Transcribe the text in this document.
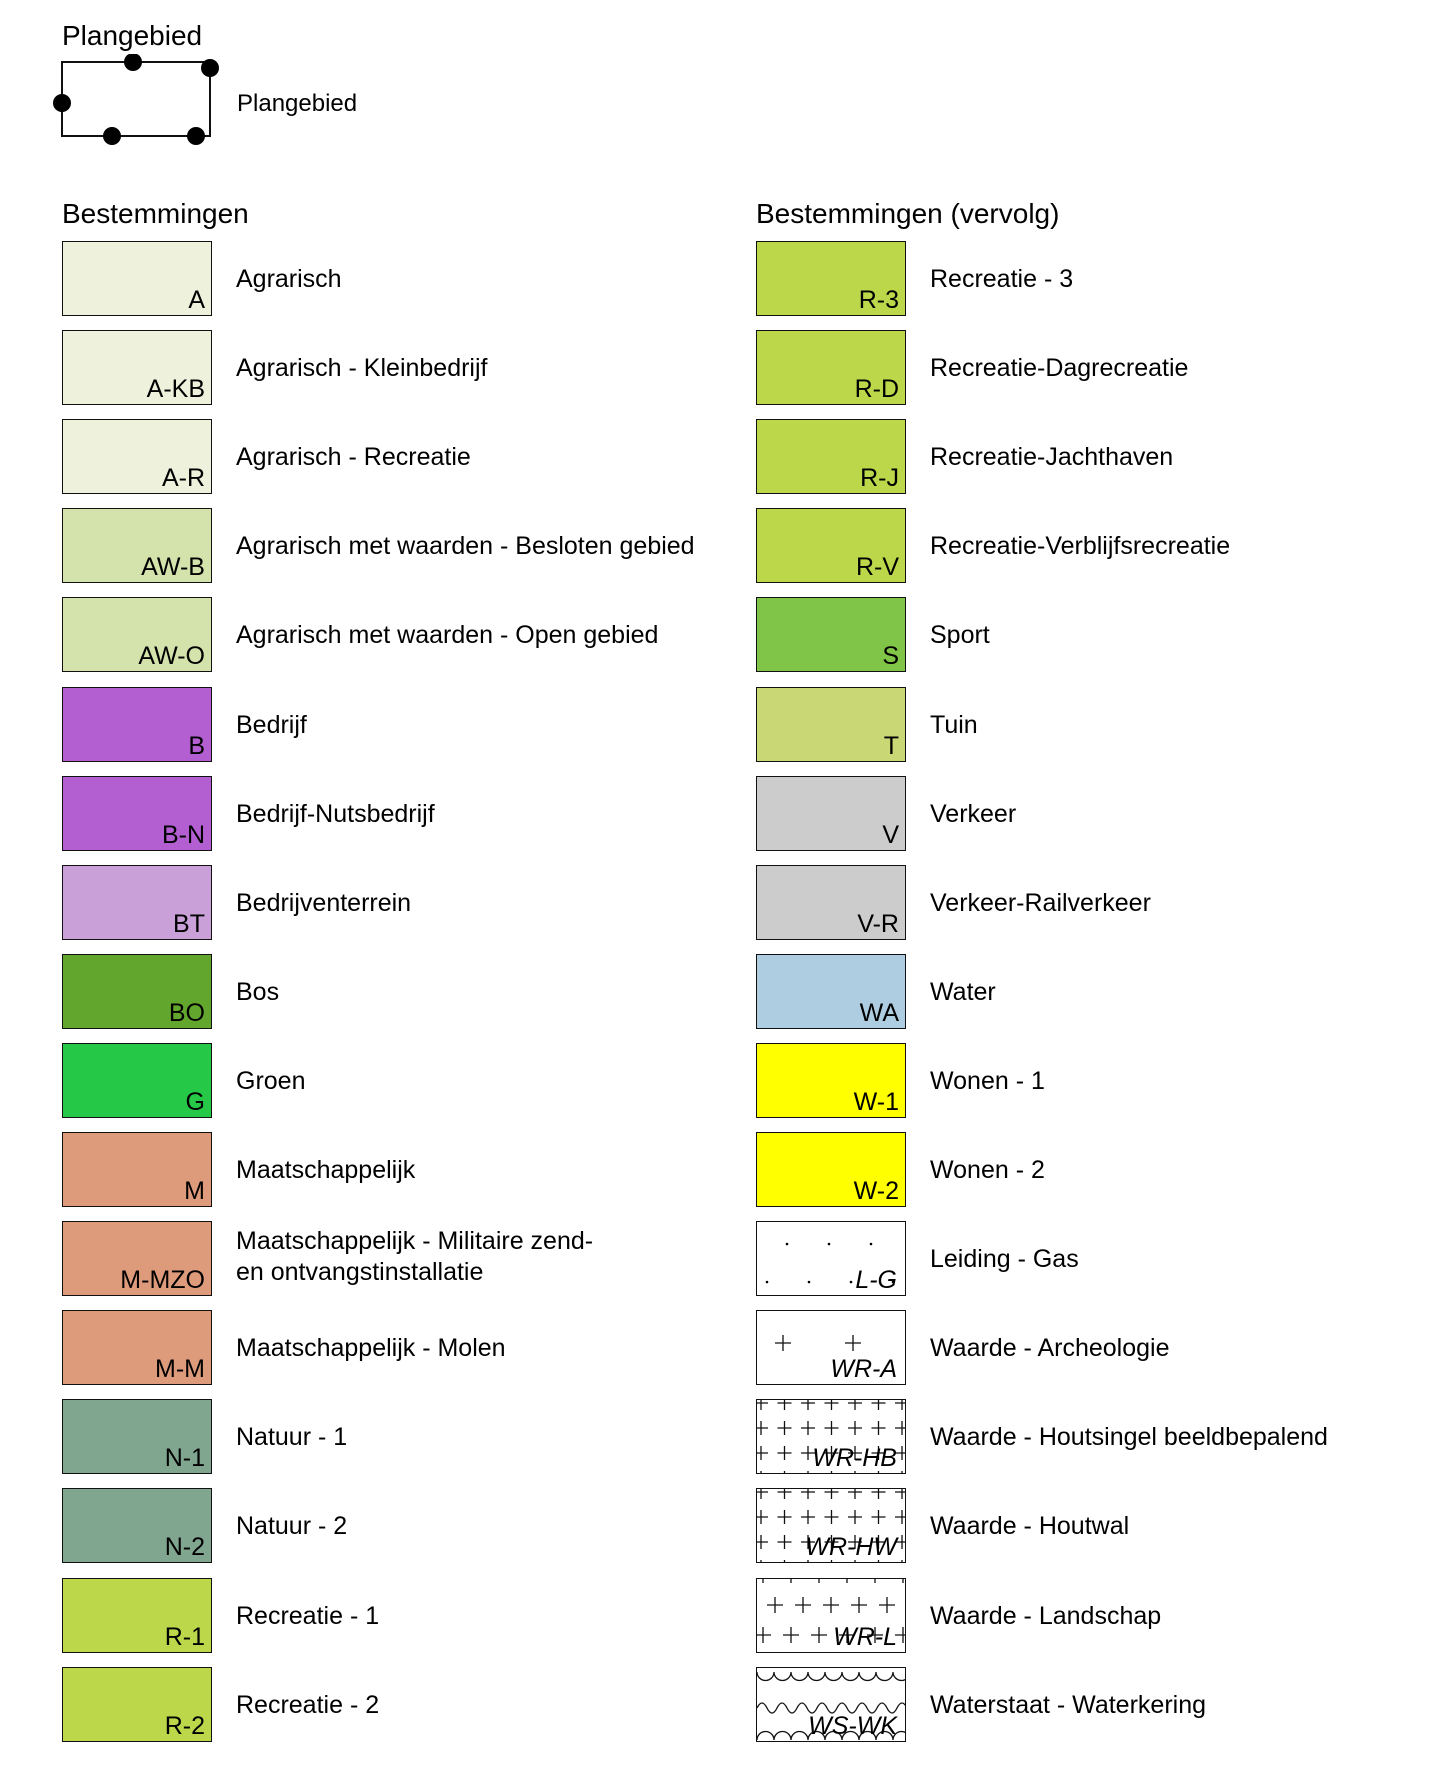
Plangebied
Plangebied
Bestemmingen	Bestemmingen (vervolg)
A
Agrarisch
A-KB
Agrarisch - Kleinbedrijf
A-R
Agrarisch - Recreatie
AW-B
Agrarisch met waarden - Besloten gebied
AW-O
Agrarisch met waarden - Open gebied
B
Bedrijf
B-N
Bedrijf-Nutsbedrijf
BT
Bedrijventerrein
BO
Bos
G
Groen
M
Maatschappelijk
M-MZO
Maatschappelijk - Militaire zend-
en ontvangstinstallatie
M-M
Maatschappelijk - Molen
N-1
Natuur - 1
N-2
Natuur - 2
R-1
Recreatie - 1
R-2
Recreatie - 2
R-3
Recreatie - 3
R-D
Recreatie-Dagrecreatie
R-J
Recreatie-Jachthaven
R-V
Recreatie-Verblijfsrecreatie
S
Sport
T
Tuin
V
Verkeer
V-R
Verkeer-Railverkeer
WA
Water
W-1
Wonen - 1
W-2
Wonen - 2
L-G
Leiding - Gas
WR-A
Waarde - Archeologie
WR-HB
Waarde - Houtsingel beeldbepalend
WR-HW
Waarde - Houtwal
WR-L
Waarde - Landschap
WS-WK
Waterstaat - Waterkering
